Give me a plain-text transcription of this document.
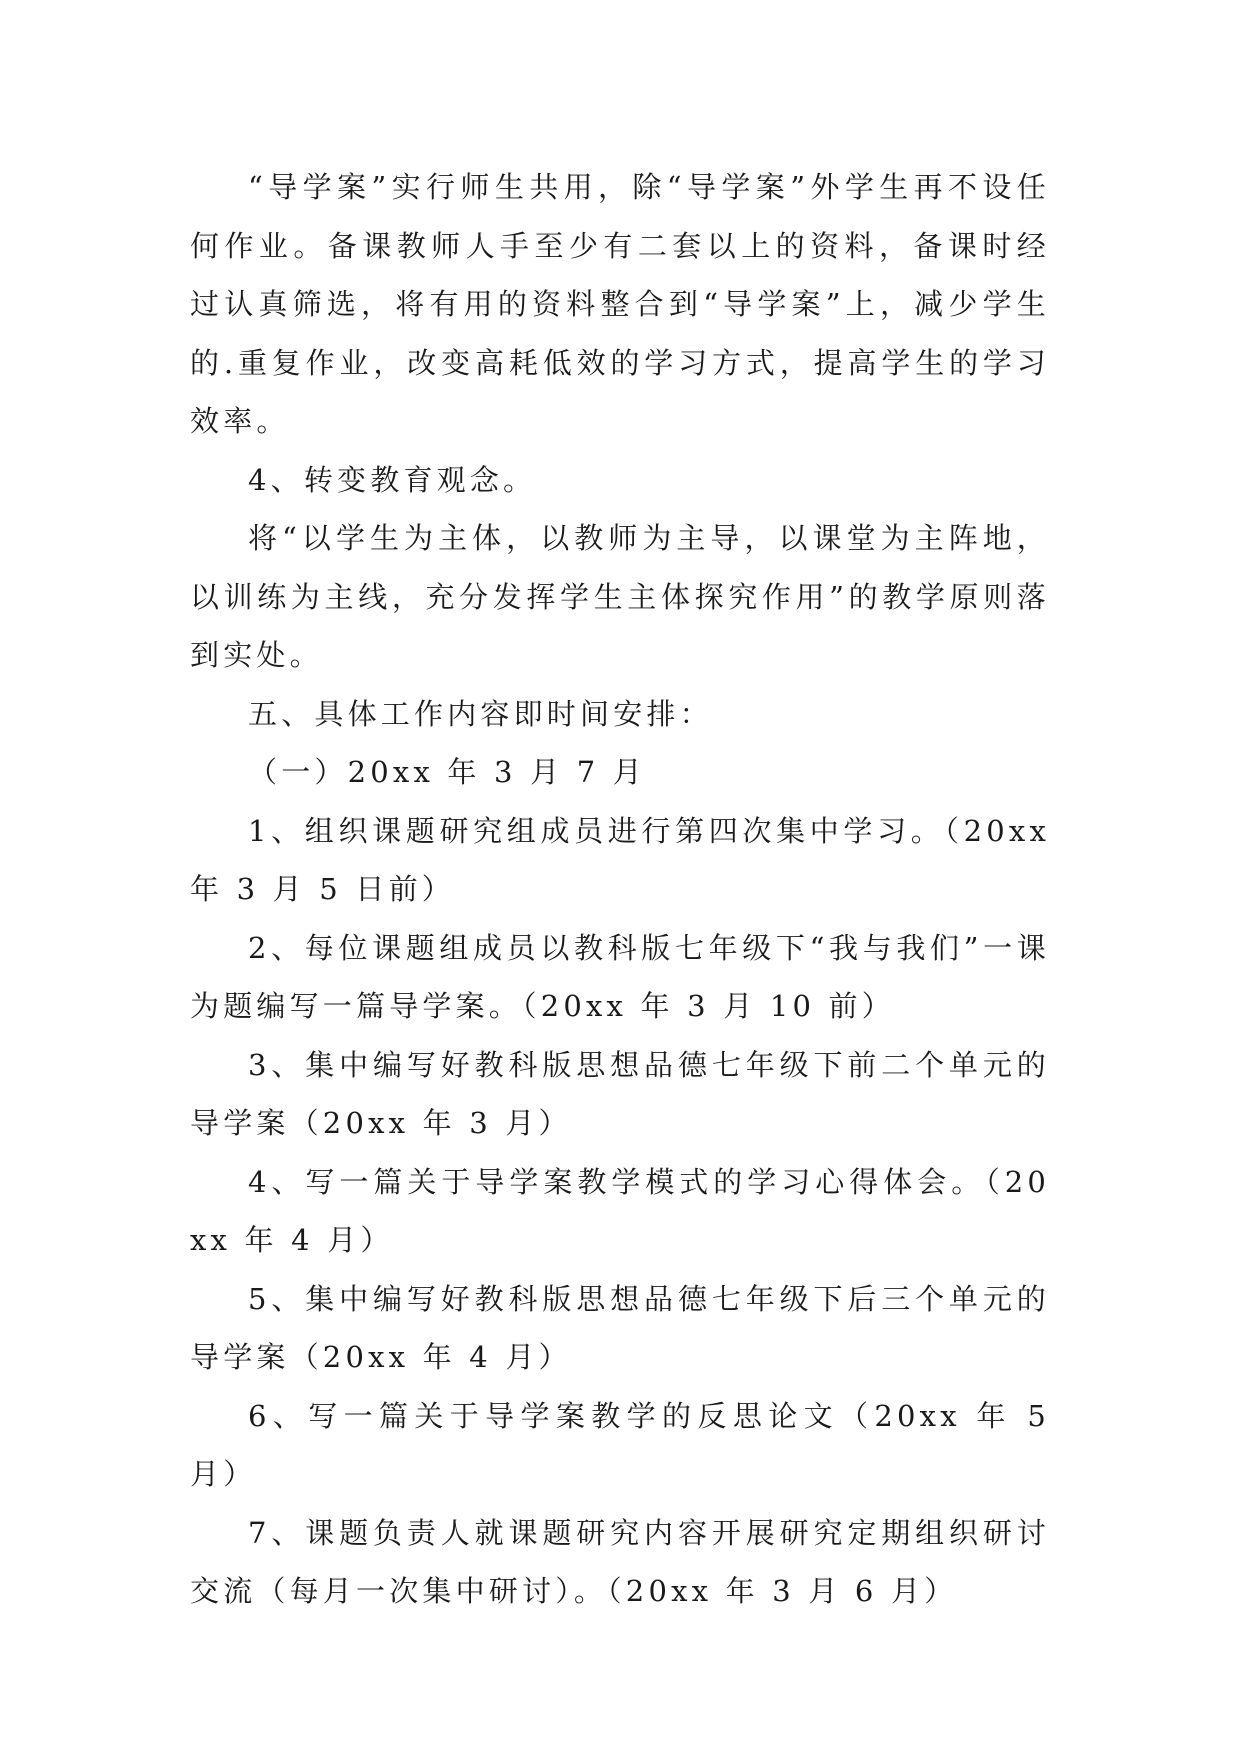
“导学案”实行师生共用，除“导学案”外学生再不设任何作业。备课教师人手至少有二套以上的资料，备课时经过认真筛选，将有用的资料整合到“导学案”上，减少学生的.重复作业，改变高耗低效的学习方式，提高学生的学习效率。

4、转变教育观念。

将“以学生为主体，以教师为主导，以课堂为主阵地，以训练为主线，充分发挥学生主体探究作用”的教学原则落到实处。

五、具体工作内容即时间安排：

（一）20xx 年 3 月 7 月

1、组织课题研究组成员进行第四次集中学习。（20xx 年 3 月 5 日前）

2、每位课题组成员以教科版七年级下“我与我们”一课为题编写一篇导学案。（20xx 年 3 月 10 前）

3、集中编写好教科版思想品德七年级下前二个单元的导学案（20xx 年 3 月）

4、写一篇关于导学案教学模式的学习心得体会。（20xx 年 4 月）

5、集中编写好教科版思想品德七年级下后三个单元的导学案（20xx 年 4 月）

6、写一篇关于导学案教学的反思论文（20xx 年 5 月）

7、课题负责人就课题研究内容开展研究定期组织研讨交流（每月一次集中研讨）。（20xx 年 3 月 6 月）
